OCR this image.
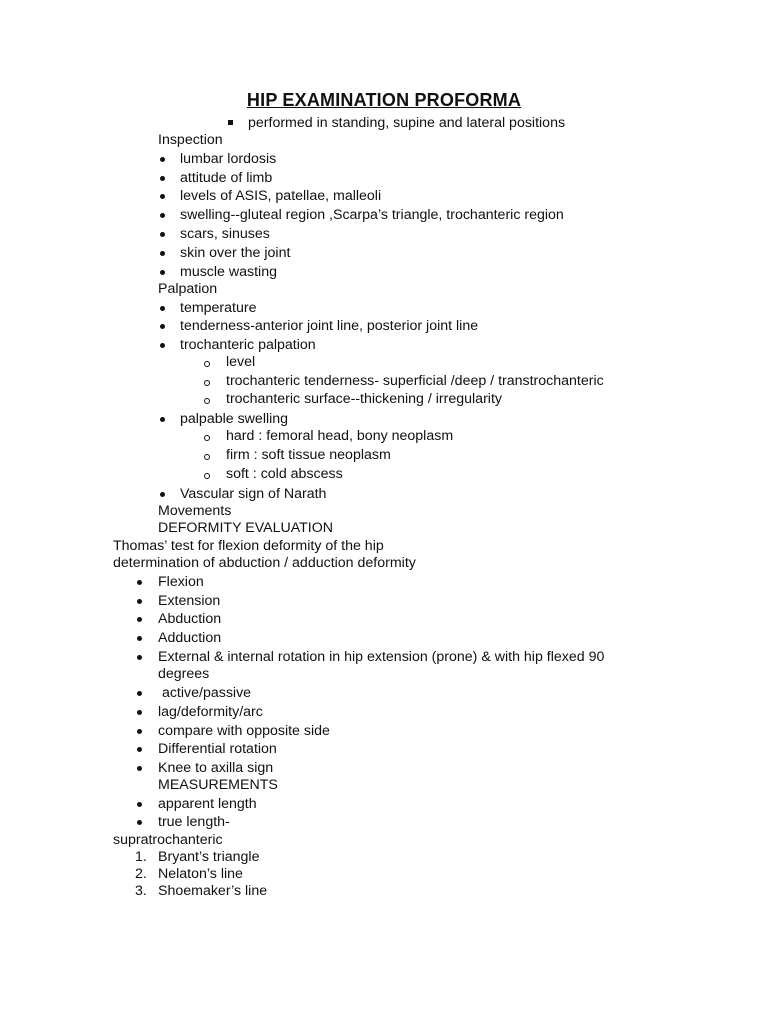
HIP EXAMINATION PROFORMA
performed in standing, supine and lateral positions
Inspection
lumbar lordosis
attitude of limb
levels of ASIS, patellae, malleoli
swelling--gluteal region ,Scarpa’s triangle, trochanteric region
scars, sinuses
skin over the joint
muscle wasting
Palpation
temperature
tenderness-anterior joint line, posterior joint line
trochanteric palpation
level
trochanteric tenderness- superficial /deep / transtrochanteric
trochanteric surface--thickening / irregularity
palpable swelling
hard : femoral head, bony neoplasm
firm : soft tissue neoplasm
soft : cold abscess
Vascular sign of Narath
Movements
DEFORMITY EVALUATION
Thomas’ test for flexion deformity of the hip
determination of abduction / adduction deformity
Flexion
Extension
Abduction
Adduction
External & internal rotation in hip extension (prone) & with hip flexed 90
degrees
active/passive
lag/deformity/arc
compare with opposite side
Differential rotation
Knee to axilla sign
MEASUREMENTS
apparent length
true length-
supratrochanteric
1. Bryant’s triangle
2. Nelaton’s line
3. Shoemaker’s line
